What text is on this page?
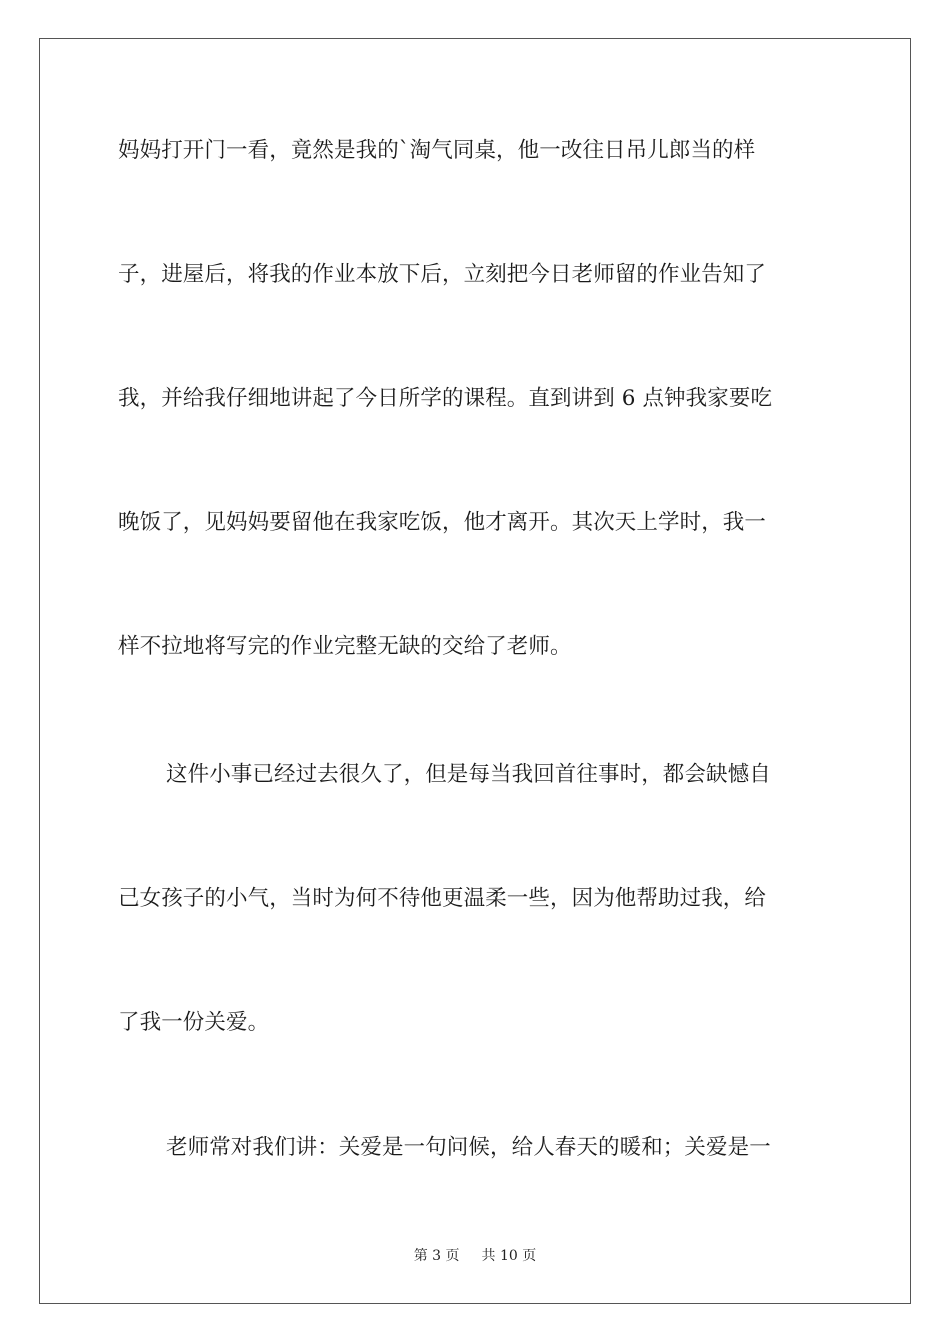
妈妈打开门一看，竟然是我的`淘气同桌，他一改往日吊儿郎当的样
子，进屋后，将我的作业本放下后，立刻把今日老师留的作业告知了
我，并给我仔细地讲起了今日所学的课程。直到讲到 6 点钟我家要吃
晚饭了，见妈妈要留他在我家吃饭，他才离开。其次天上学时，我一
样不拉地将写完的作业完整无缺的交给了老师。
这件小事已经过去很久了，但是每当我回首往事时，都会缺憾自
己女孩子的小气，当时为何不待他更温柔一些，因为他帮助过我，给
了我一份关爱。
老师常对我们讲：关爱是一句问候，给人春天的暖和；关爱是一
第 3 页 共 10 页
